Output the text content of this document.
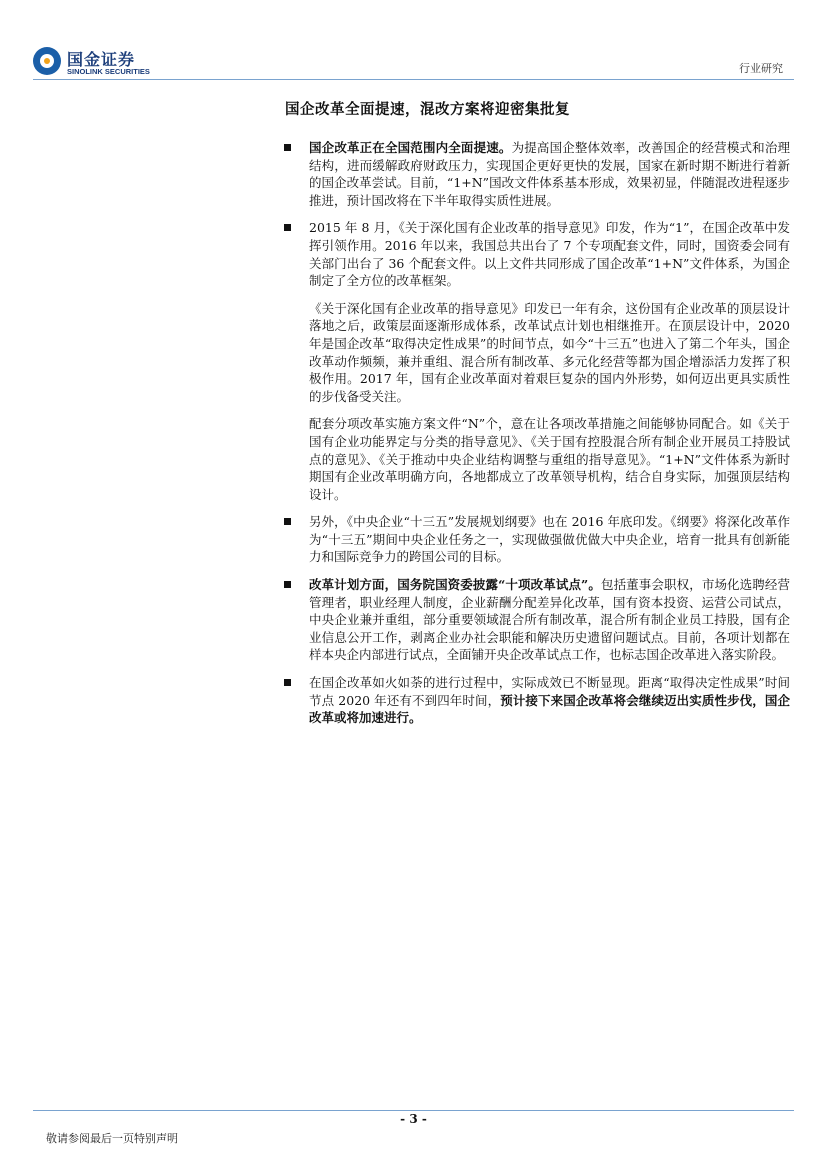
国金证券
SINOLINK SECURITIES	行业研究
国企改革全面提速，混改方案将迎密集批复
国企改革正在全国范围内全面提速。为提高国企整体效率，改善国企的经营模式和治理结构，进而缓解政府财政压力，实现国企更好更快的发展，国家在新时期不断进行着新的国企改革尝试。目前，“1+N”国改文件体系基本形成，效果初显，伴随混改进程逐步推进，预计国改将在下半年取得实质性进展。
2015 年 8 月，《关于深化国有企业改革的指导意见》印发，作为“1”，在国企改革中发挥引领作用。2016 年以来，我国总共出台了 7 个专项配套文件，同时，国资委会同有关部门出台了 36 个配套文件。以上文件共同形成了国企改革“1+N”文件体系，为国企制定了全方位的改革框架。
《关于深化国有企业改革的指导意见》印发已一年有余，这份国有企业改革的顶层设计落地之后，政策层面逐渐形成体系，改革试点计划也相继推开。在顶层设计中，2020 年是国企改革“取得决定性成果”的时间节点，如今“十三五”也进入了第二个年头，国企改革动作频频，兼并重组、混合所有制改革、多元化经营等都为国企增添活力发挥了积极作用。2017 年，国有企业改革面对着艰巨复杂的国内外形势，如何迈出更具实质性的步伐备受关注。
配套分项改革实施方案文件“N”个，意在让各项改革措施之间能够协同配合。如《关于国有企业功能界定与分类的指导意见》、《关于国有控股混合所有制企业开展员工持股试点的意见》、《关于推动中央企业结构调整与重组的指导意见》。“1+N”文件体系为新时期国有企业改革明确方向，各地都成立了改革领导机构，结合自身实际，加强顶层结构设计。
另外，《中央企业“十三五”发展规划纲要》也在 2016 年底印发。《纲要》将深化改革作为“十三五”期间中央企业任务之一，实现做强做优做大中央企业，培育一批具有创新能力和国际竞争力的跨国公司的目标。
改革计划方面，国务院国资委披露“十项改革试点”。包括董事会职权，市场化选聘经营管理者，职业经理人制度，企业薪酬分配差异化改革，国有资本投资、运营公司试点，中央企业兼并重组，部分重要领域混合所有制改革，混合所有制企业员工持股，国有企业信息公开工作，剥离企业办社会职能和解决历史遗留问题试点。目前，各项计划都在样本央企内部进行试点，全面铺开央企改革试点工作，也标志国企改革进入落实阶段。
在国企改革如火如荼的进行过程中，实际成效已不断显现。距离“取得决定性成果”时间节点 2020 年还有不到四年时间，预计接下来国企改革将会继续迈出实质性步伐，国企改革或将加速进行。
- 3 -
敬请参阅最后一页特别声明
